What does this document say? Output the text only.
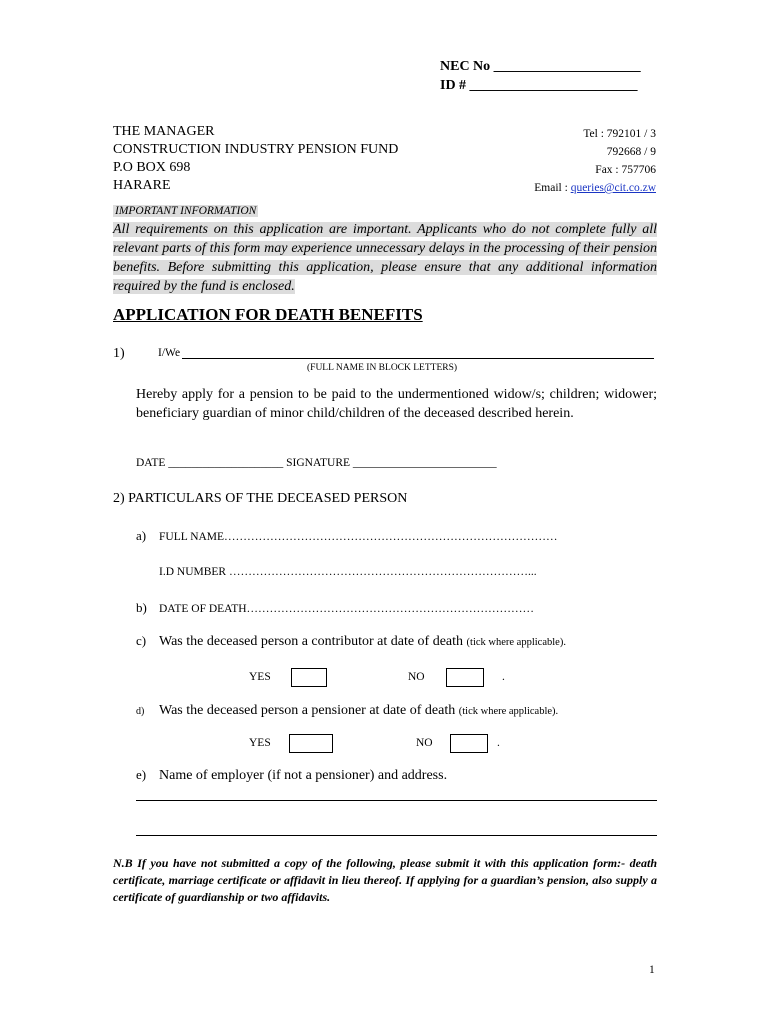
NEC No _____________________
ID # ________________________
THE MANAGER
CONSTRUCTION INDUSTRY PENSION FUND
P.O BOX 698
HARARE
Tel : 792101 / 3
792668 / 9
Fax : 757706
Email : queries@cit.co.zw
IMPORTANT INFORMATION
All requirements on this application are important. Applicants who do not complete fully all relevant parts of this form may experience unnecessary delays in the processing of their pension benefits. Before submitting this application, please ensure that any additional information required by the fund is enclosed.
APPLICATION FOR DEATH BENEFITS
1)	I/We
(FULL NAME IN BLOCK LETTERS)
Hereby apply for a pension to be paid to the undermentioned widow/s; children; widower; beneficiary guardian of minor child/children of the deceased described herein.
DATE ____________________ SIGNATURE _________________________
2) PARTICULARS OF THE DECEASED PERSON
a) FULL NAME……………………………………………………………………………
I.D NUMBER ……………………………………………………………………...
b) DATE OF DEATH…………………………………………………………………
c) Was the deceased person a contributor at date of death (tick where applicable).
YES	NO	.
d) Was the deceased person a pensioner at date of death (tick where applicable).
YES	NO	.
e) Name of employer (if not a pensioner) and address.
N.B If you have not submitted a copy of the following, please submit it with this application form:- death certificate, marriage certificate or affidavit in lieu thereof. If applying for a guardian’s pension, also supply a certificate of guardianship or two affidavits.
1
